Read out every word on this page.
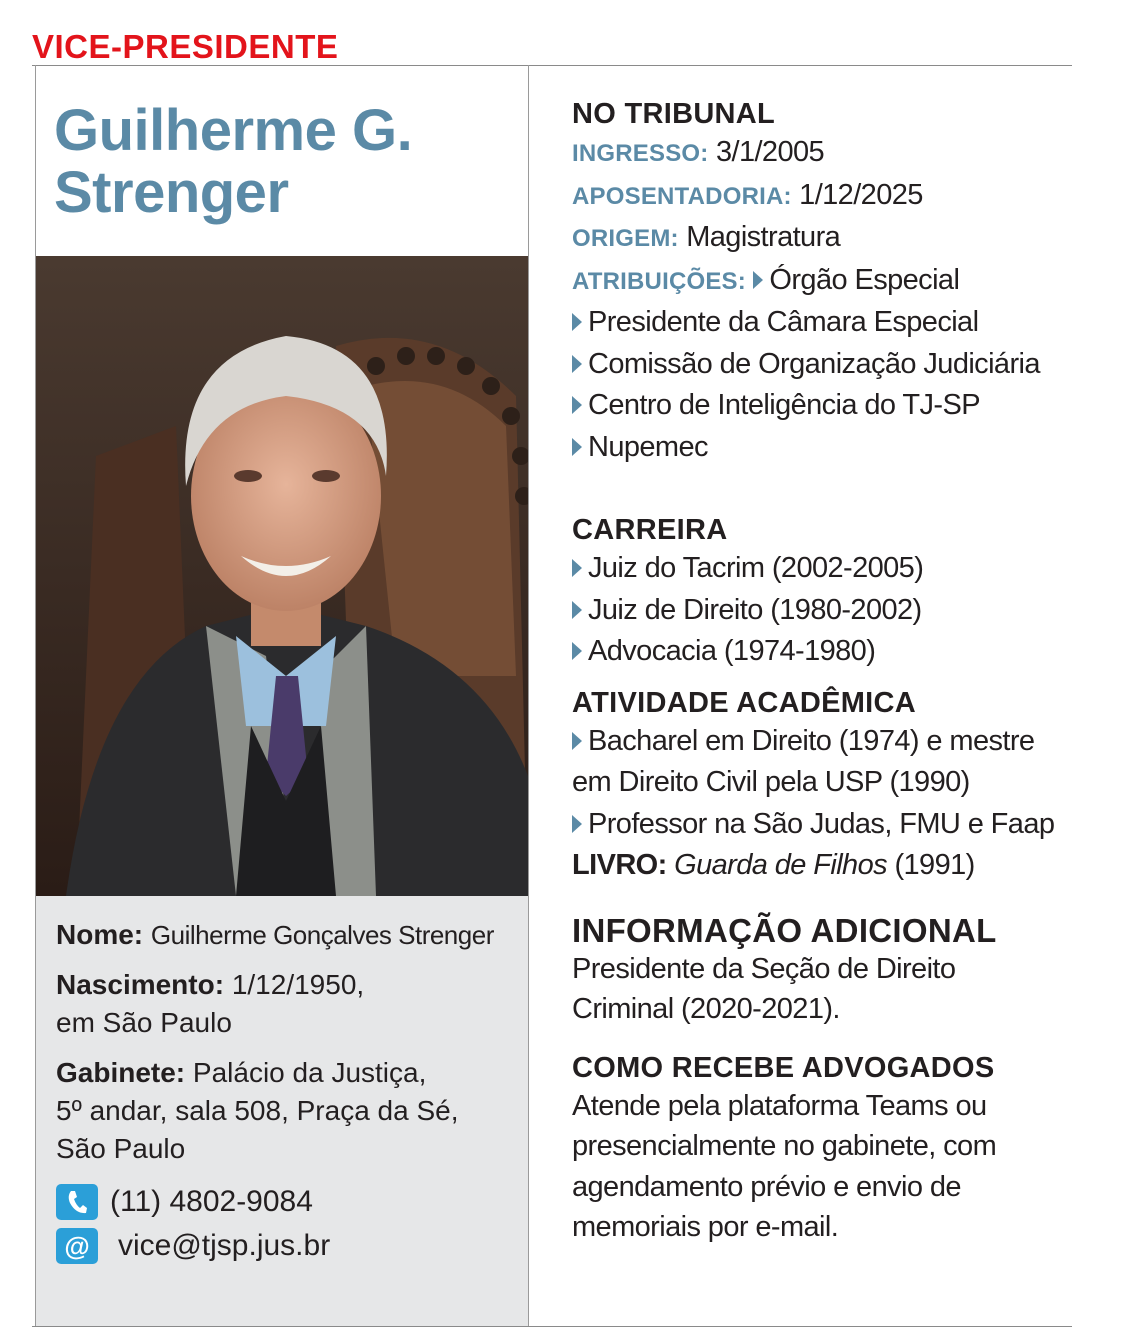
VICE-PRESIDENTE
Guilherme G.
Strenger
Nome: Guilherme Gonçalves Strenger
Nascimento: 1/12/1950,
em São Paulo
Gabinete: Palácio da Justiça,
5º andar, sala 508, Praça da Sé,
São Paulo
(11) 4802-9084
@ vice@tjsp.jus.br
NO TRIBUNAL
INGRESSO: 3/1/2005
APOSENTADORIA: 1/12/2025
ORIGEM: Magistratura
ATRIBUIÇÕES: Órgão Especial
Presidente da Câmara Especial
Comissão de Organização Judiciária
Centro de Inteligência do TJ-SP
Nupemec
CARREIRA
Juiz do Tacrim (2002-2005)
Juiz de Direito (1980-2002)
Advocacia (1974-1980)
ATIVIDADE ACADÊMICA
Bacharel em Direito (1974) e mestre
em Direito Civil pela USP (1990)
Professor na São Judas, FMU e Faap
LIVRO: Guarda de Filhos (1991)
INFORMAÇÃO ADICIONAL
Presidente da Seção de Direito
Criminal (2020-2021).
COMO RECEBE ADVOGADOS
Atende pela plataforma Teams ou
presencialmente no gabinete, com
agendamento prévio e envio de
memoriais por e-mail.
